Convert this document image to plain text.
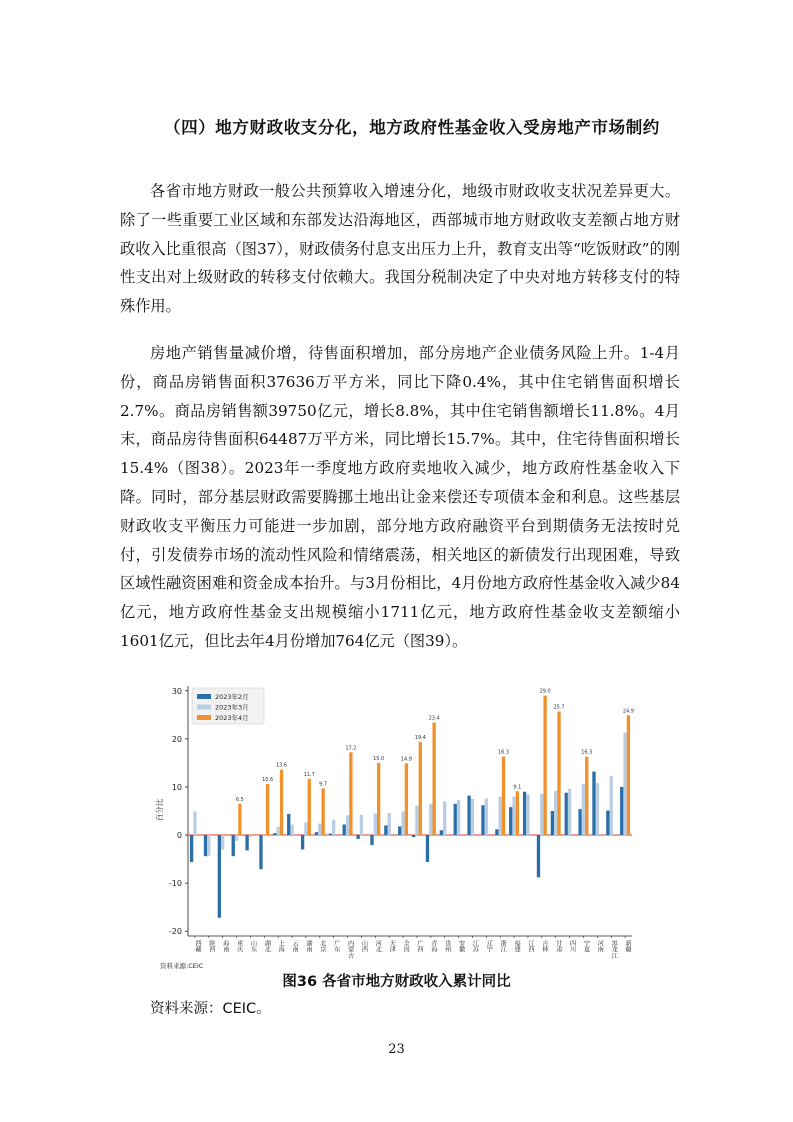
（四）地方财政收支分化，地方政府性基金收入受房地产市场制约

各省市地方财政一般公共预算收入增速分化，地级市财政收支状况差异更大。除了一些重要工业区域和东部发达沿海地区，西部城市地方财政收支差额占地方财政收入比重很高（图37），财政债务付息支出压力上升，教育支出等“吃饭财政”的刚性支出对上级财政的转移支付依赖大。我国分税制决定了中央对地方转移支付的特殊作用。

房地产销售量减价增，待售面积增加，部分房地产企业债务风险上升。1-4月份，商品房销售面积37636万平方米，同比下降0.4%，其中住宅销售面积增长2.7%。商品房销售额39750亿元，增长8.8%，其中住宅销售额增长11.8%。4月末，商品房待售面积64487万平方米，同比增长15.7%。其中，住宅待售面积增长15.4%（图38）。2023年一季度地方政府卖地收入减少，地方政府性基金收入下降。同时，部分基层财政需要腾挪土地出让金来偿还专项债本金和利息。这些基层财政收支平衡压力可能进一步加剧，部分地方政府融资平台到期债务无法按时兑付，引发债券市场的流动性风险和情绪震荡，相关地区的新债发行出现困难，导致区域性融资困难和资金成本抬升。与3月份相比，4月份地方政府性基金收入减少84亿元，地方政府性基金支出规模缩小1711亿元，地方政府性基金收支差额缩小1601亿元，但比去年4月份增加764亿元（图39）。

-20
-10
0
10
20
30
6.5
10.6
13.6
11.7
9.7
17.2
15.0	14.9
19.4
23.4
16.3
9.1
29.0
25.7
16.3
24.9
西藏 陕西 海南 重庆 山东 湖北 上海 云南 湖南 北京 广东 内蒙古 山西 河北 天津 全国 广西 青海 贵州 安徽 江苏 辽宁 浙江 福建 江西 吉林 甘肃 四川 宁夏 河南 黑龙江 新疆
百分比
2023年2月
2023年3月
2023年4月
资料来源:CEIC

图36 各省市地方财政收入累计同比

资料来源：CEIC。

23
